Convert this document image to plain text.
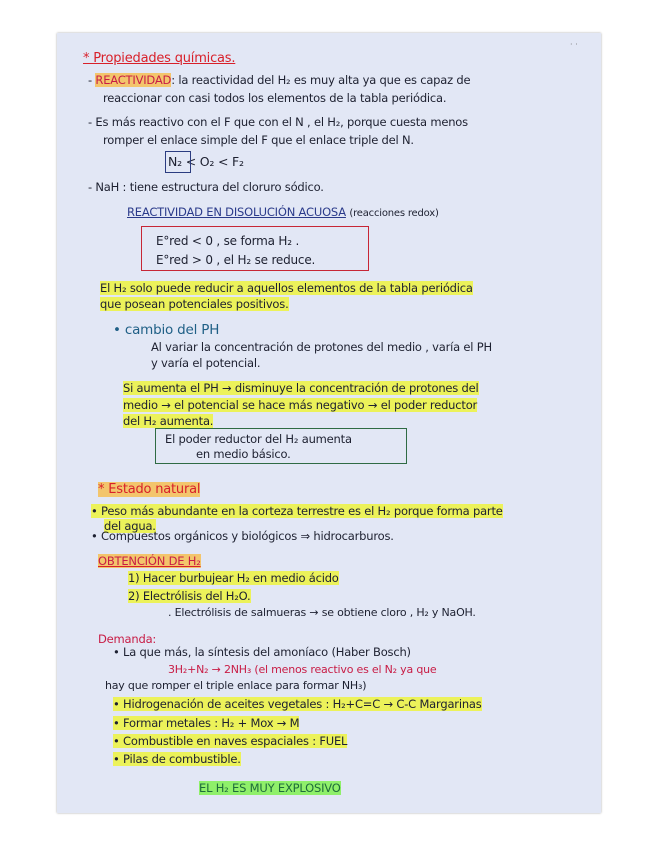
· ·
* Propiedades químicas.
- REACTIVIDAD: la reactividad del H₂ es muy alta ya que es capaz de
reaccionar con casi todos los elementos de la tabla periódica.
- Es más reactivo con el F que con el N , el H₂, porque cuesta menos
romper el enlace simple del F que el enlace triple del N.
N₂ < O₂ < F₂
- NaH : tiene estructura del cloruro sódico.
REACTIVIDAD EN DISOLUCIÓN ACUOSA (reacciones redox)
E°red < 0 , se forma H₂ .
E°red > 0 , el H₂ se reduce.
El H₂ solo puede reducir a aquellos elementos de la tabla periódica
que posean potenciales positivos.
• cambio del PH
Al variar la concentración de protones del medio , varía el PH
y varía el potencial.
Si aumenta el PH → disminuye la concentración de protones del
medio → el potencial se hace más negativo → el poder reductor
del H₂ aumenta.
El poder reductor del H₂ aumenta
en medio básico.
* Estado natural
• Peso más abundante en la corteza terrestre es el H₂ porque forma parte
del agua.
• Compuestos orgánicos y biológicos ⇒ hidrocarburos.
OBTENCIÓN DE H₂
1) Hacer burbujear H₂ en medio ácido
2) Electrólisis del H₂O.
. Electrólisis de salmueras → se obtiene cloro , H₂ y NaOH.
Demanda:
• La que más, la síntesis del amoníaco (Haber Bosch)
3H₂+N₂ → 2NH₃ (el menos reactivo es el N₂ ya que
hay que romper el triple enlace para formar NH₃)
• Hidrogenación de aceites vegetales : H₂+C=C → C-C Margarinas
• Formar metales : H₂ + Mox → M
• Combustible en naves espaciales : FUEL
• Pilas de combustible.
EL H₂ ES MUY EXPLOSIVO
